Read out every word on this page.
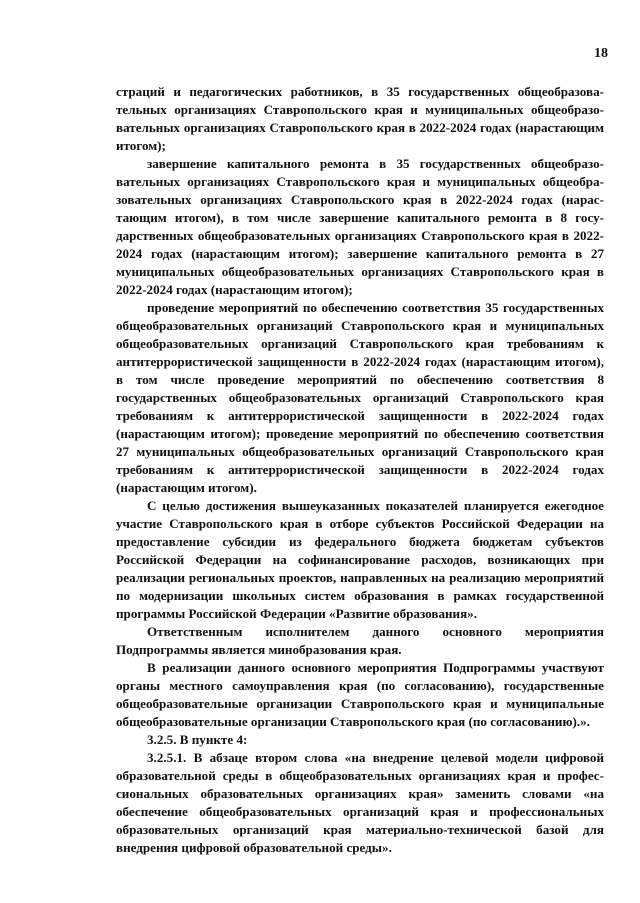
18

страций и педагогических работников, в 35 государственных общеобразовательных организациях Ставропольского края и муниципальных общеобразовательных организациях Ставропольского края в 2022-2024 годах (нарастающим итогом);

завершение капитального ремонта в 35 государственных общеобразовательных организациях Ставропольского края и муниципальных общеобразовательных организациях Ставропольского края в 2022-2024 годах (нарастающим итогом), в том числе завершение капитального ремонта в 8 государственных общеобразовательных организациях Ставропольского края в 2022-2024 годах (нарастающим итогом); завершение капитального ремонта в 27 муниципальных общеобразовательных организациях Ставропольского края в 2022-2024 годах (нарастающим итогом);

проведение мероприятий по обеспечению соответствия 35 государственных общеобразовательных организаций Ставропольского края и муниципальных общеобразовательных организаций Ставропольского края требованиям к антитеррористической защищенности в 2022-2024 годах (нарастающим итогом), в том числе проведение мероприятий по обеспечению соответствия 8 государственных общеобразовательных организаций Ставропольского края требованиям к антитеррористической защищенности в 2022-2024 годах (нарастающим итогом); проведение мероприятий по обеспечению соответствия 27 муниципальных общеобразовательных организаций Ставропольского края требованиям к антитеррористической защищенности в 2022-2024 годах (нарастающим итогом).

С целью достижения вышеуказанных показателей планируется ежегодное участие Ставропольского края в отборе субъектов Российской Федерации на предоставление субсидии из федерального бюджета бюджетам субъектов Российской Федерации на софинансирование расходов, возникающих при реализации региональных проектов, направленных на реализацию мероприятий по модернизации школьных систем образования в рамках государственной программы Российской Федерации «Развитие образования».

Ответственным исполнителем данного основного мероприятия Подпрограммы является минобразования края.

В реализации данного основного мероприятия Подпрограммы участвуют органы местного самоуправления края (по согласованию), государственные общеобразовательные организации Ставропольского края и муниципальные общеобразовательные организации Ставропольского края (по согласованию).».

3.2.5. В пункте 4:

3.2.5.1. В абзаце втором слова «на внедрение целевой модели цифровой образовательной среды в общеобразовательных организациях края и профессиональных образовательных организациях края» заменить словами «на обеспечение общеобразовательных организаций края и профессиональных образовательных организаций края материально-технической базой для внедрения цифровой образовательной среды».
